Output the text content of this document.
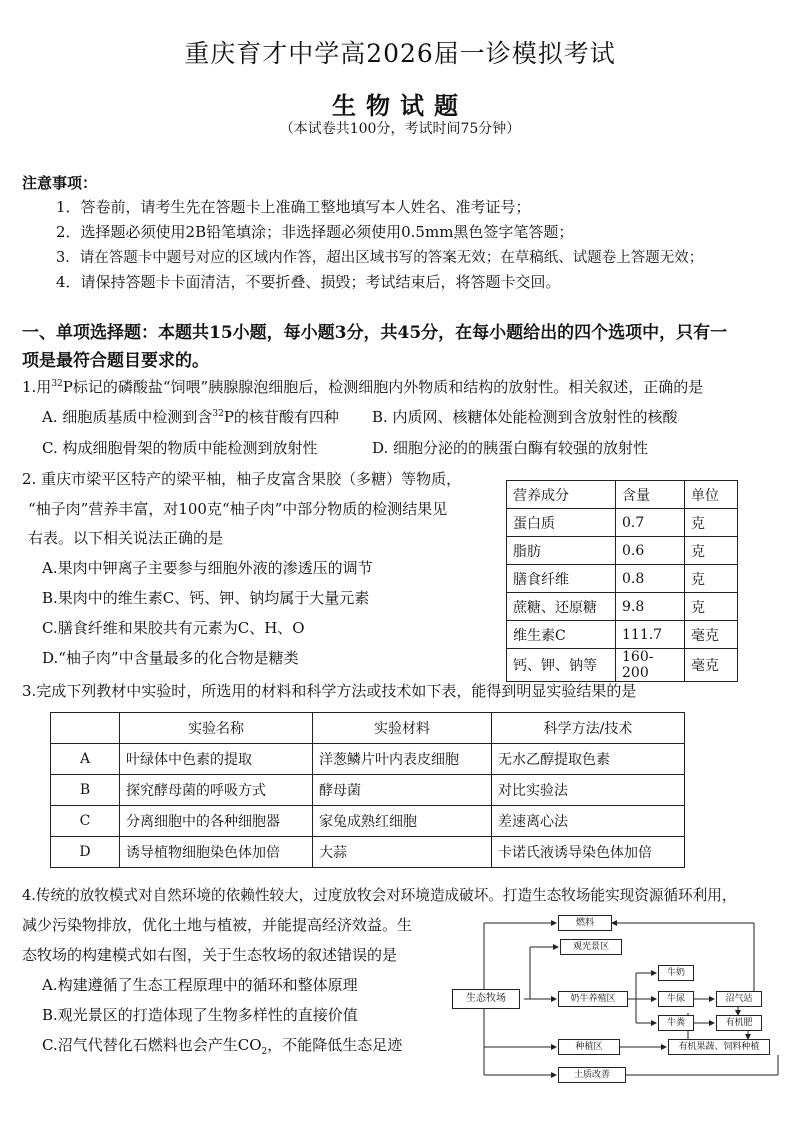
重庆育才中学高2026届一诊模拟考试
生物试题
（本试卷共100分，考试时间75分钟）
注意事项：
1．答卷前，请考生先在答题卡上准确工整地填写本人姓名、准考证号；
2．选择题必须使用2B铅笔填涂；非选择题必须使用0.5mm黑色签字笔答题；
3．请在答题卡中题号对应的区域内作答，超出区域书写的答案无效；在草稿纸、试题卷上答题无效；
4．请保持答题卡卡面清洁，不要折叠、损毁；考试结束后，将答题卡交回。
一、单项选择题：本题共15小题，每小题3分，共45分，在每小题给出的四个选项中，只有一
项是最符合题目要求的。
1.用$^{32}$P标记的磷酸盐“饲喂”胰腺腺泡细胞后，检测细胞内外物质和结构的放射性。相关叙述，正确的是
A. 细胞质基质中检测到含$^{32}$P的核苷酸有四种 B. 内质网、核糖体处能检测到含放射性的核酸
C. 构成细胞骨架的物质中能检测到放射性	D. 细胞分泌的的胰蛋白酶有较强的放射性
2. 重庆市梁平区特产的梁平柚，柚子皮富含果胶（多糖）等物质，
“柚子肉”营养丰富，对100克“柚子肉”中部分物质的检测结果见
右表。以下相关说法正确的是
A.果肉中钾离子主要参与细胞外液的渗透压的调节
B.果肉中的维生素C、钙、钾、钠均属于大量元素
C.膳食纤维和果胶共有元素为C、H、O
D.“柚子肉”中含量最多的化合物是糖类
营养成分	含量	单位
蛋白质	0.7	克
脂肪	0.6	克
膳食纤维	0.8	克
蔗糖、还原糖	9.8	克
维生素C	111.7	毫克
钙、钾、钠等	160-200	毫克
3.完成下列教材中实验时，所选用的材料和科学方法或技术如下表，能得到明显实验结果的是
	实验名称	实验材料	科学方法/技术
A	叶绿体中色素的提取	洋葱鳞片叶内表皮细胞	无水乙醇提取色素
B	探究酵母菌的呼吸方式	酵母菌	对比实验法
C	分离细胞中的各种细胞器	家兔成熟红细胞	差速离心法
D	诱导植物细胞染色体加倍	大蒜	卡诺氏液诱导染色体加倍
4.传统的放牧模式对自然环境的依赖性较大，过度放牧会对环境造成破坏。打造生态牧场能实现资源循环利用，
减少污染物排放，优化土地与植被，并能提高经济效益。生
态牧场的构建模式如右图，关于生态牧场的叙述错误的是
A.构建遵循了生态工程原理中的循环和整体原理
B.观光景区的打造体现了生物多样性的直接价值
C.沼气代替化石燃料也会产生$CO_2$，不能降低生态足迹
生态牧场
燃料
观光景区
奶牛养殖区
牛奶
牛尿
牛粪
沼气站
有机肥
种植区	有机果蔬、饲料种植
土质改善
